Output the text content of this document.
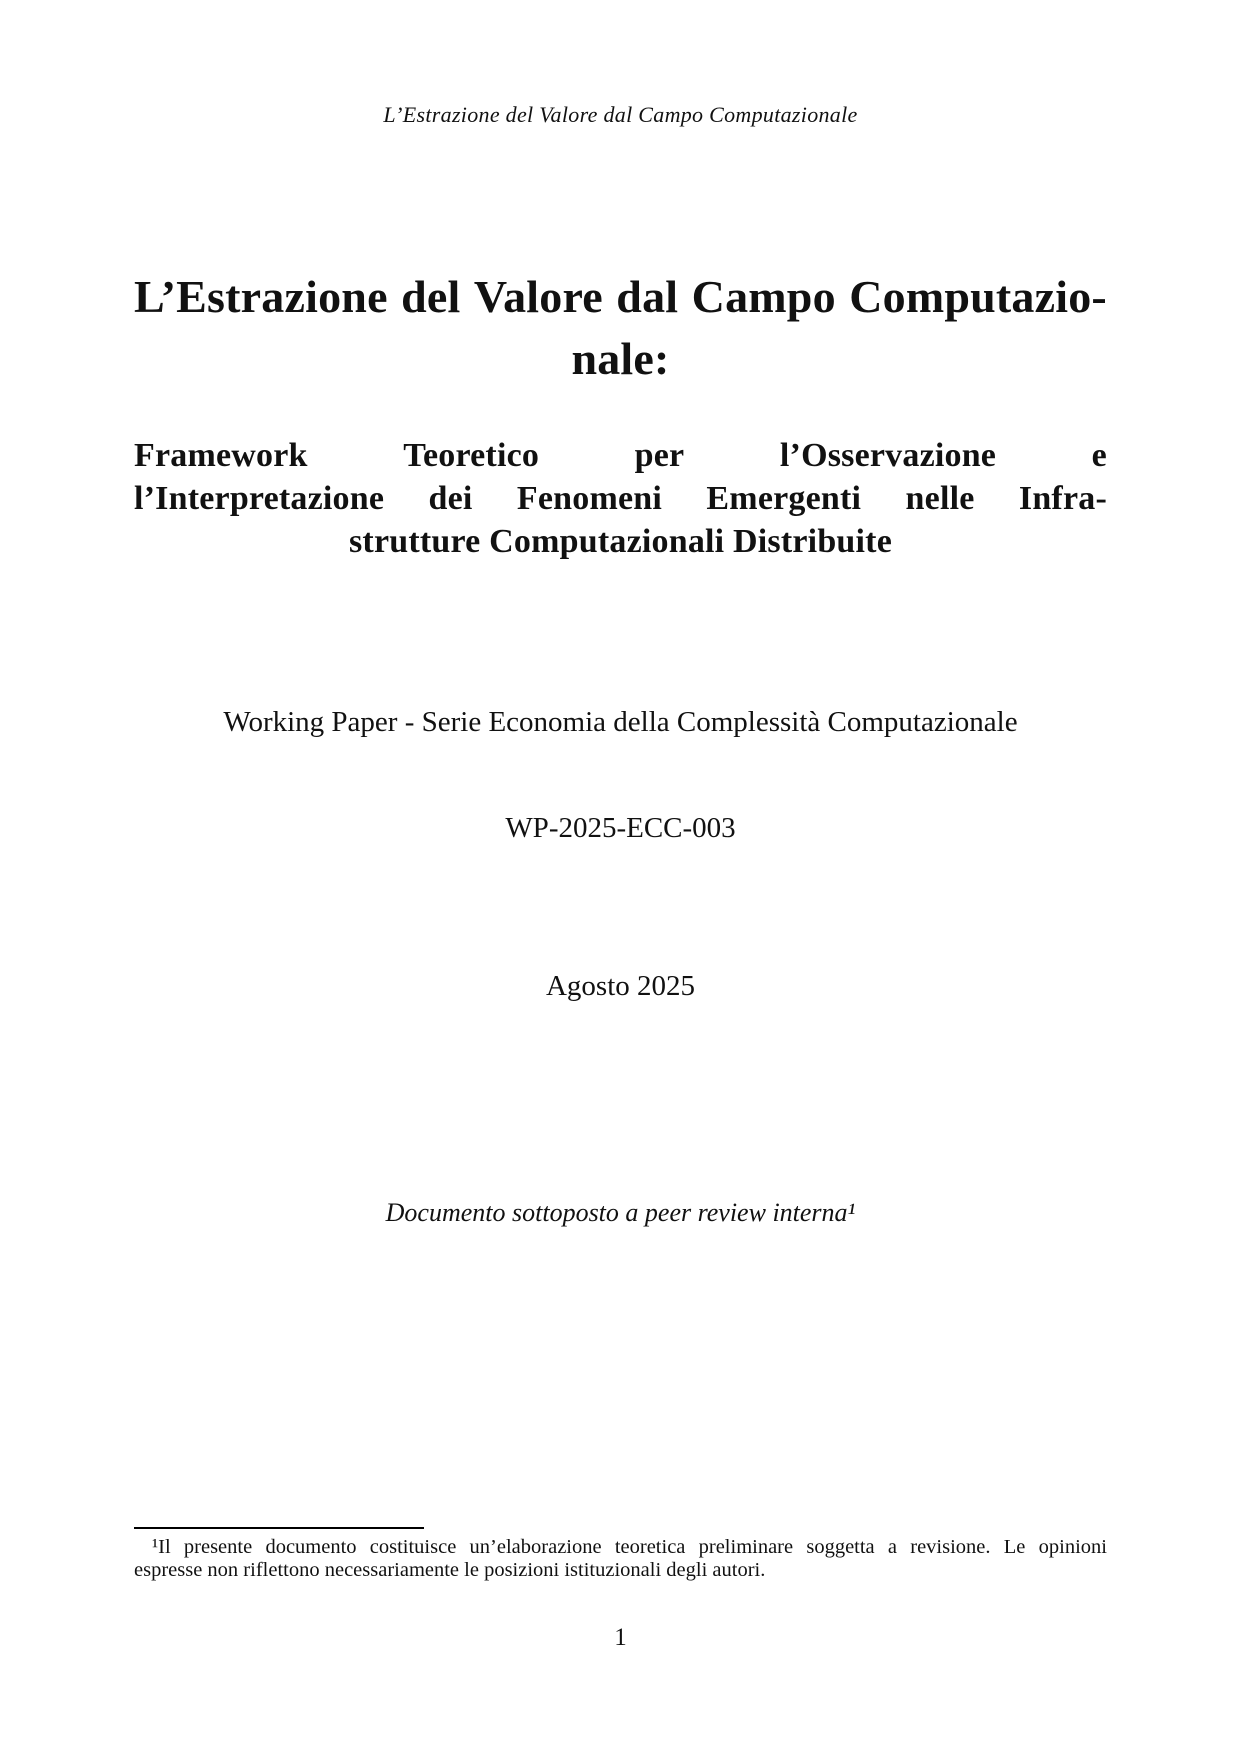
L’Estrazione del Valore dal Campo Computazionale
L’Estrazione del Valore dal Campo Computazio-
nale:
Framework	Teoretico	per	l’Osservazione	e
l’Interpretazione dei Fenomeni Emergenti nelle Infra-
strutture Computazionali Distribuite
Working Paper - Serie Economia della Complessità Computazionale
WP-2025-ECC-003
Agosto 2025
Documento sottoposto a peer review interna¹
¹Il presente documento costituisce un’elaborazione teoretica preliminare soggetta a revisione. Le opinioni
espresse non riflettono necessariamente le posizioni istituzionali degli autori.
1
